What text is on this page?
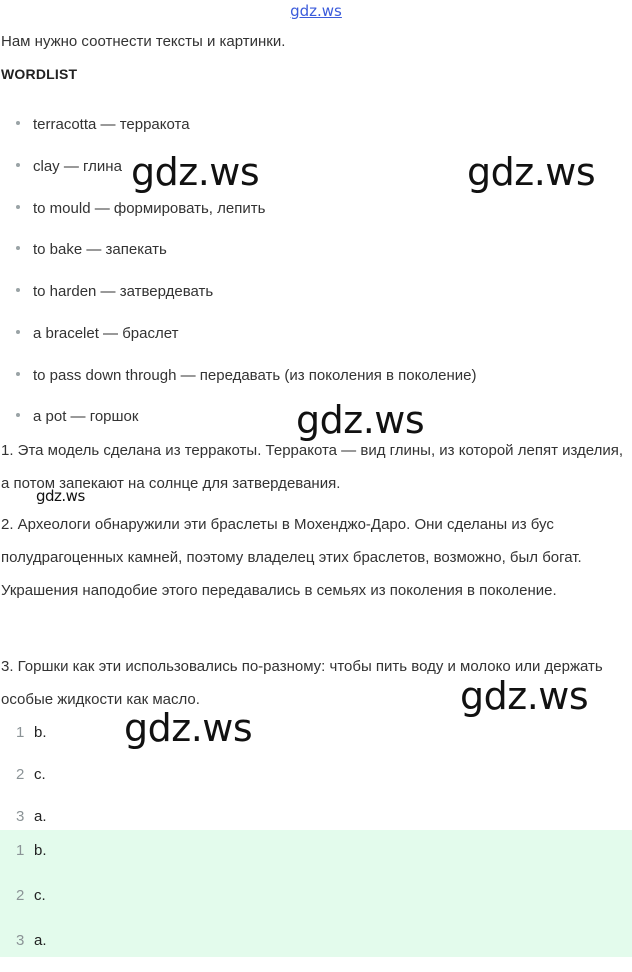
gdz.ws
Нам нужно соотнести тексты и картинки.
WORDLIST
terracotta — терракота
clay — глина
to mould — формировать, лепить
to bake — запекать
to harden — затвердевать
a bracelet — браслет
to pass down through — передавать (из поколения в поколение)
a pot — горшок
1. Эта модель сделана из терракоты. Терракота — вид глины, из которой лепят изделия, а потом запекают на солнце для затвердевания.
2. Археологи обнаружили эти браслеты в Мохенджо-Даро. Они сделаны из бус полудрагоценных камней, поэтому владелец этих браслетов, возможно, был богат. Украшения наподобие этого передавались в семьях из поколения в поколение.
3. Горшки как эти использовались по-разному: чтобы пить воду и молоко или держать особые жидкости как масло.
1 b.
2 c.
3 a.
1 b.
2 c.
3 a.
gdz.ws	gdz.ws
gdz.ws
gdz.ws
gdz.ws
gdz.ws
